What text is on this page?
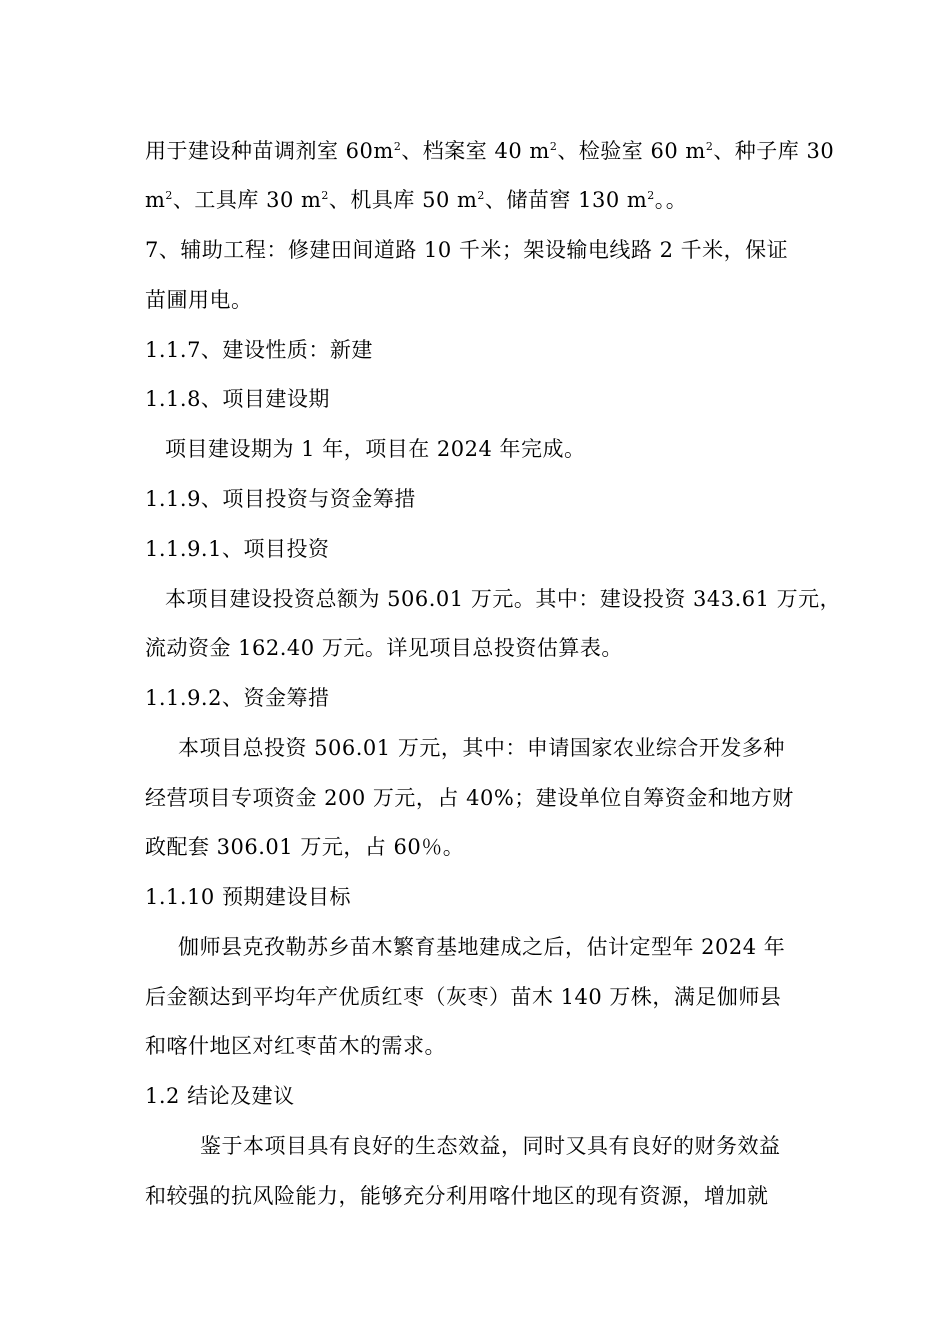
用于建设种苗调剂室 $60m^2$、档案室 40 $m^2$、检验室 60 $m^2$、种子库 30
$m^2$、工具库 30 $m^2$、机具库 50 $m^2$、储苗窖 130 $m^2$。。
7、辅助工程：修建田间道路 10 千米；架设输电线路 2 千米，保证
苗圃用电。
1.1.7、建设性质：新建
1.1.8、项目建设期
项目建设期为 1 年，项目在 2024 年完成。
1.1.9、项目投资与资金筹措
1.1.9.1、项目投资
本项目建设投资总额为 506.01 万元。其中：建设投资 343.61 万元，
流动资金 162.40 万元。详见项目总投资估算表。
1.1.9.2、资金筹措
本项目总投资 506.01 万元，其中：申请国家农业综合开发多种
经营项目专项资金 200 万元，占 40%；建设单位自筹资金和地方财
政配套 306.01 万元，占 60％。
1.1.10 预期建设目标
伽师县克孜勒苏乡苗木繁育基地建成之后，估计定型年 2024 年
后金额达到平均年产优质红枣（灰枣）苗木 140 万株，满足伽师县
和喀什地区对红枣苗木的需求。
1.2 结论及建议
鉴于本项目具有良好的生态效益，同时又具有良好的财务效益
和较强的抗风险能力，能够充分利用喀什地区的现有资源，增加就
